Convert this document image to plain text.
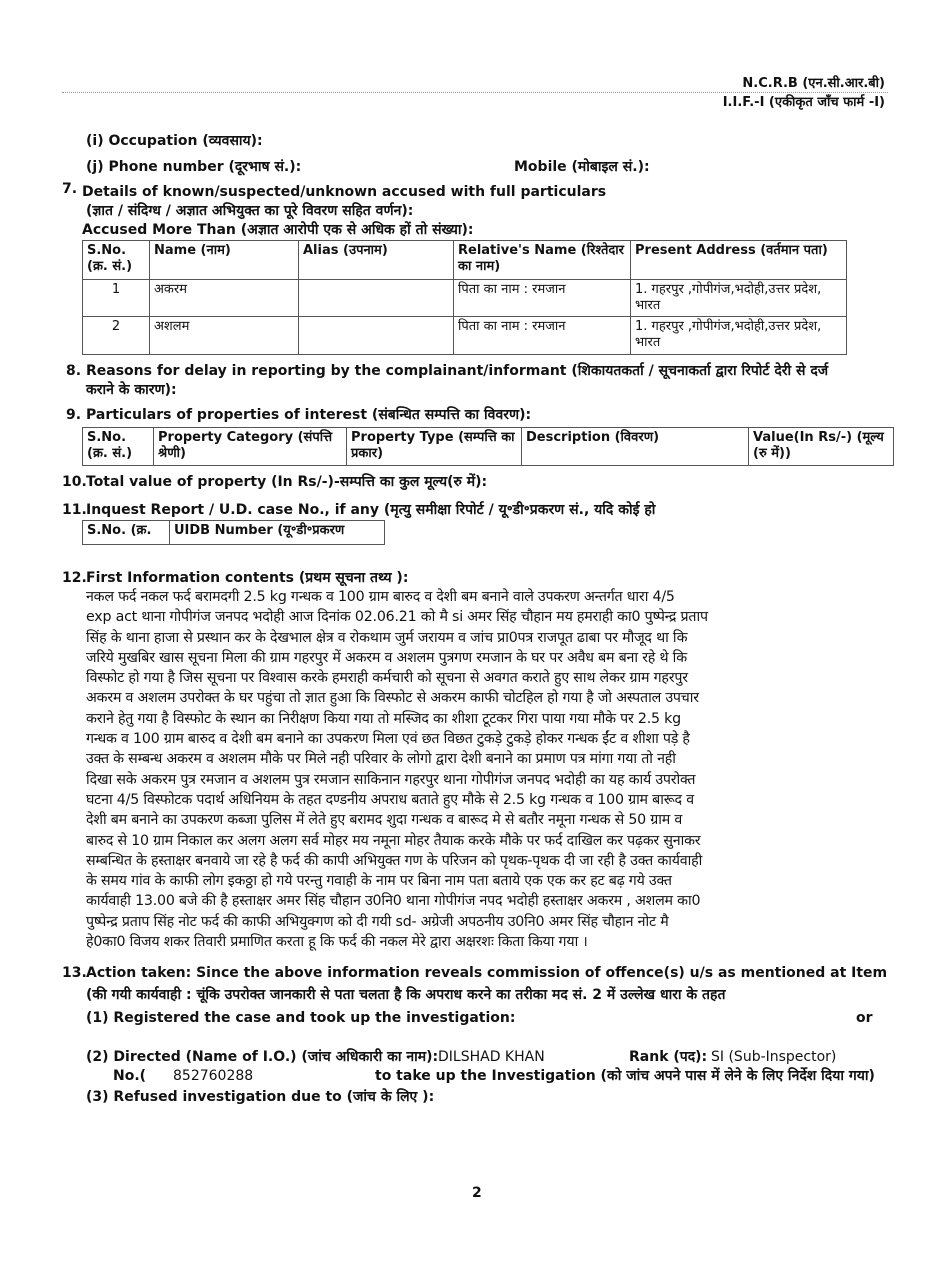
N.C.R.B (एन.सी.आर.बी)
I.I.F.-I (एकीकृत जाँच फार्म -I)
(i) Occupation (व्यवसाय):
(j) Phone number (दूरभाष सं.):	Mobile (मोबाइल सं.):
7. Details of known/suspected/unknown accused with full particulars
(ज्ञात / संदिग्ध / अज्ञात अभियुक्त का पूरे विवरण सहित वर्णन):
Accused More Than (अज्ञात आरोपी एक से अधिक हों तो संख्या):
S.No.(क्र. सं.)	Name (नाम)	Alias (उपनाम)	Relative's Name (रिश्तेदार का नाम)	Present Address (वर्तमान पता)
1	अकरम		पिता का नाम : रमजान	1. गहरपुर ,गोपीगंज,भदोही,उत्तर प्रदेश, भारत
2	अशलम		पिता का नाम : रमजान	1. गहरपुर ,गोपीगंज,भदोही,उत्तर प्रदेश, भारत
8. Reasons for delay in reporting by the complainant/informant (शिकायतकर्ता / सूचनाकर्ता द्वारा रिपोर्ट देरी से दर्ज
कराने के कारण):
9. Particulars of properties of interest (संबन्धित सम्पत्ति का विवरण):
S.No. (क्र. सं.)	Property Category (संपत्ति श्रेणी)	Property Type (सम्पत्ति का प्रकार)	Description (विवरण)	Value(In Rs/-) (मूल्य (रु में))
10. Total value of property (In Rs/-)-सम्पत्ति का कुल मूल्य(रु में):
11. Inquest Report / U.D. case No., if any (मृत्यु समीक्षा रिपोर्ट / यू॰डी॰प्रकरण सं., यदि कोई हो
S.No. (क्र.	UIDB Number (यू॰डी॰प्रकरण
12. First Information contents (प्रथम सूचना तथ्य ):

नकल फर्द नकल फर्द बरामदगी 2.5 kg गन्धक व 100 ग्राम बारुद व देशी बम बनाने वाले उपकरण अन्तर्गत धारा 4/5

exp act थाना गोपीगंज जनपद भदोही आज दिनांक 02.06.21 को मै si अमर सिंह चौहान मय हमराही का0 पुष्पेन्द्र प्रताप

सिंह के थाना हाजा से प्रस्थान कर के देखभाल क्षेत्र व रोकथाम जुर्म जरायम व जांच प्रा0पत्र राजपूत ढाबा पर मौजूद था कि

जरिये मुखबिर खास सूचना मिला की ग्राम गहरपुर में अकरम व अशलम पुत्रगण रमजान के घर पर अवैध बम बना रहे थे कि

विस्फोट हो गया है जिस सूचना पर विश्वास करके हमराही कर्मचारी को सूचना से अवगत कराते हुए साथ लेकर ग्राम गहरपुर

अकरम व अशलम उपरोक्त के घर पहुंचा तो ज्ञात हुआ कि विस्फोट से अकरम काफी चोटहिल हो गया है जो अस्पताल उपचार

कराने हेतु गया है विस्फोट के स्थान का निरीक्षण किया गया तो मस्जिद का शीशा टूटकर गिरा पाया गया मौके पर 2.5 kg

गन्धक व 100 ग्राम बारुद व देशी बम बनाने का उपकरण मिला एवं छत विछत टुकड़े टुकड़े होकर गन्धक ईंट व शीशा पड़े है

उक्त के सम्बन्ध अकरम व अशलम मौके पर मिले नही परिवार के लोगो द्वारा देशी बनाने का प्रमाण पत्र मांगा गया तो नही

दिखा सके अकरम पुत्र रमजान व अशलम पुत्र रमजान साकिनान गहरपुर थाना गोपीगंज जनपद भदोही का यह कार्य उपरोक्त

घटना 4/5 विस्फोटक पदार्थ अधिनियम के तहत दण्डनीय अपराध बताते हुए मौके से 2.5 kg गन्धक व 100 ग्राम बारूद व

देशी बम बनाने का उपकरण कब्जा पुलिस में लेते हुए बरामद शुदा गन्धक व बारूद मे से बतौर नमूना गन्धक से 50 ग्राम व

बारुद से 10 ग्राम निकाल कर अलग अलग सर्व मोहर मय नमूना मोहर तैयाक करके मौके पर फर्द दाखिल कर पढ़कर सुनाकर

सम्बन्धित के हस्ताक्षर बनवाये जा रहे है फर्द की कापी अभियुक्त गण के परिजन को पृथक-पृथक दी जा रही है उक्त कार्यवाही

के समय गांव के काफी लोग इकठ्ठा हो गये परन्तु गवाही के नाम पर बिना नाम पता बताये एक एक कर हट बढ़ गये उक्त

कार्यवाही 13.00 बजे की है हस्ताक्षर अमर सिंह चौहान उ0नि0 थाना गोपीगंज नपद भदोही हस्ताक्षर अकरम , अशलम का0

पुष्पेन्द्र प्रताप सिंह नोट फर्द की काफी अभियुक्गण को दी गयी sd- अग्रेजी अपठनीय उ0नि0 अमर सिंह चौहान नोट मै

हे0का0 विजय शकर तिवारी प्रमाणित करता हू कि फर्द की नकल मेरे द्वारा अक्षरशः किता किया गया ।

13. Action taken: Since the above information reveals commission of offence(s) u/s as mentioned at Item
(की गयी कार्यवाही : चूंकि उपरोक्त जानकारी से पता चलता है कि अपराध करने का तरीका मद सं. 2 में उल्लेख धारा के तहत
(1) Registered the case and took up the investigation:	or
(2) Directed (Name of I.O.) (जांच अधिकारी का नाम): DILSHAD KHAN	Rank (पद): SI (Sub-Inspector)
No.( 852760288	to take up the Investigation (को जांच अपने पास में लेने के लिए निर्देश दिया गया)
(3) Refused investigation due to (जांच के लिए ):
2
